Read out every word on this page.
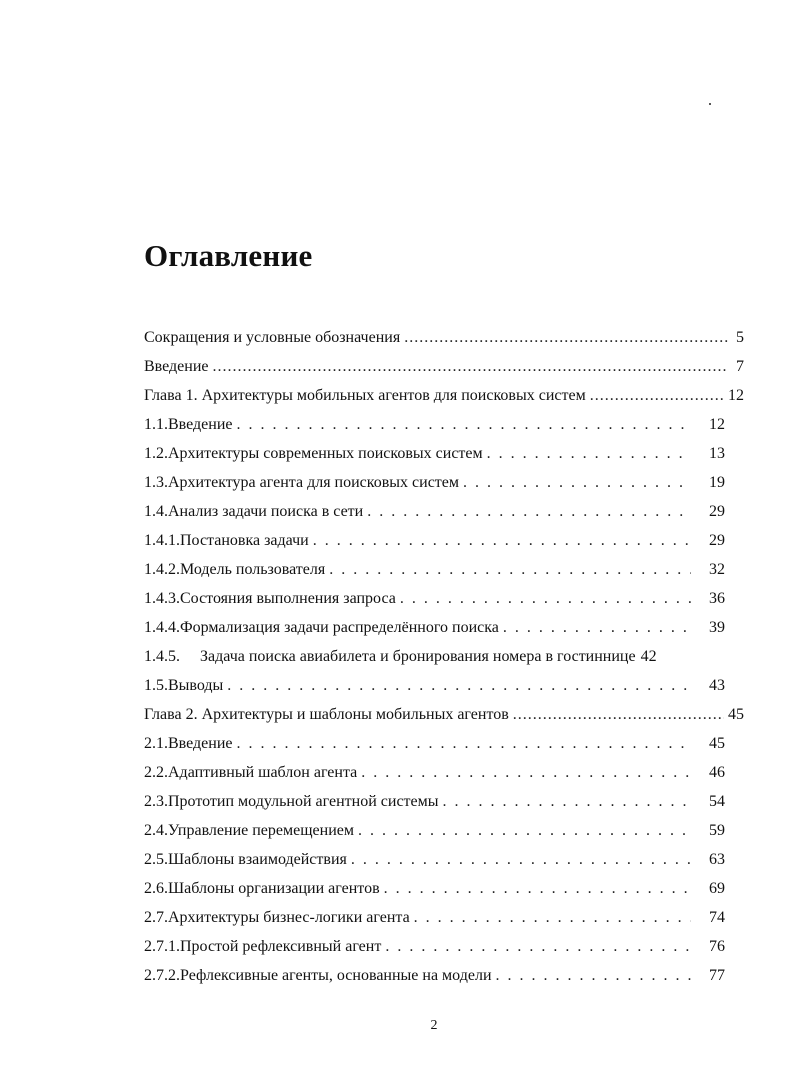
Оглавление
Сокращения и условные обозначения .....	5
Введение .....	7
Глава 1. Архитектуры мобильных агентов для поисковых систем .....	12
1.1. Введение . . .	12
1.2. Архитектуры современных поисковых систем . . .	13
1.3. Архитектура агента для поисковых систем . . .	19
1.4. Анализ задачи поиска в сети . . .	29
1.4.1. Постановка задачи . . .	29
1.4.2. Модель пользователя . . .	32
1.4.3. Состояния выполнения запроса . . .	36
1.4.4. Формализация задачи распределённого поиска . . .	39
1.4.5.	Задача поиска авиабилета и бронирования номера в гостиннице 42
1.5. Выводы . . .	43
Глава 2. Архитектуры и шаблоны мобильных агентов .....	45
2.1. Введение . . .	45
2.2. Адаптивный шаблон агента . . .	46
2.3. Прототип модульной агентной системы . . .	54
2.4. Управление перемещением . . .	59
2.5. Шаблоны взаимодействия . . .	63
2.6. Шаблоны организации агентов . . .	69
2.7. Архитектуры бизнес-логики агента . . .	74
2.7.1. Простой рефлексивный агент . . .	76
2.7.2. Рефлексивные агенты, основанные на модели . . .	77
2
